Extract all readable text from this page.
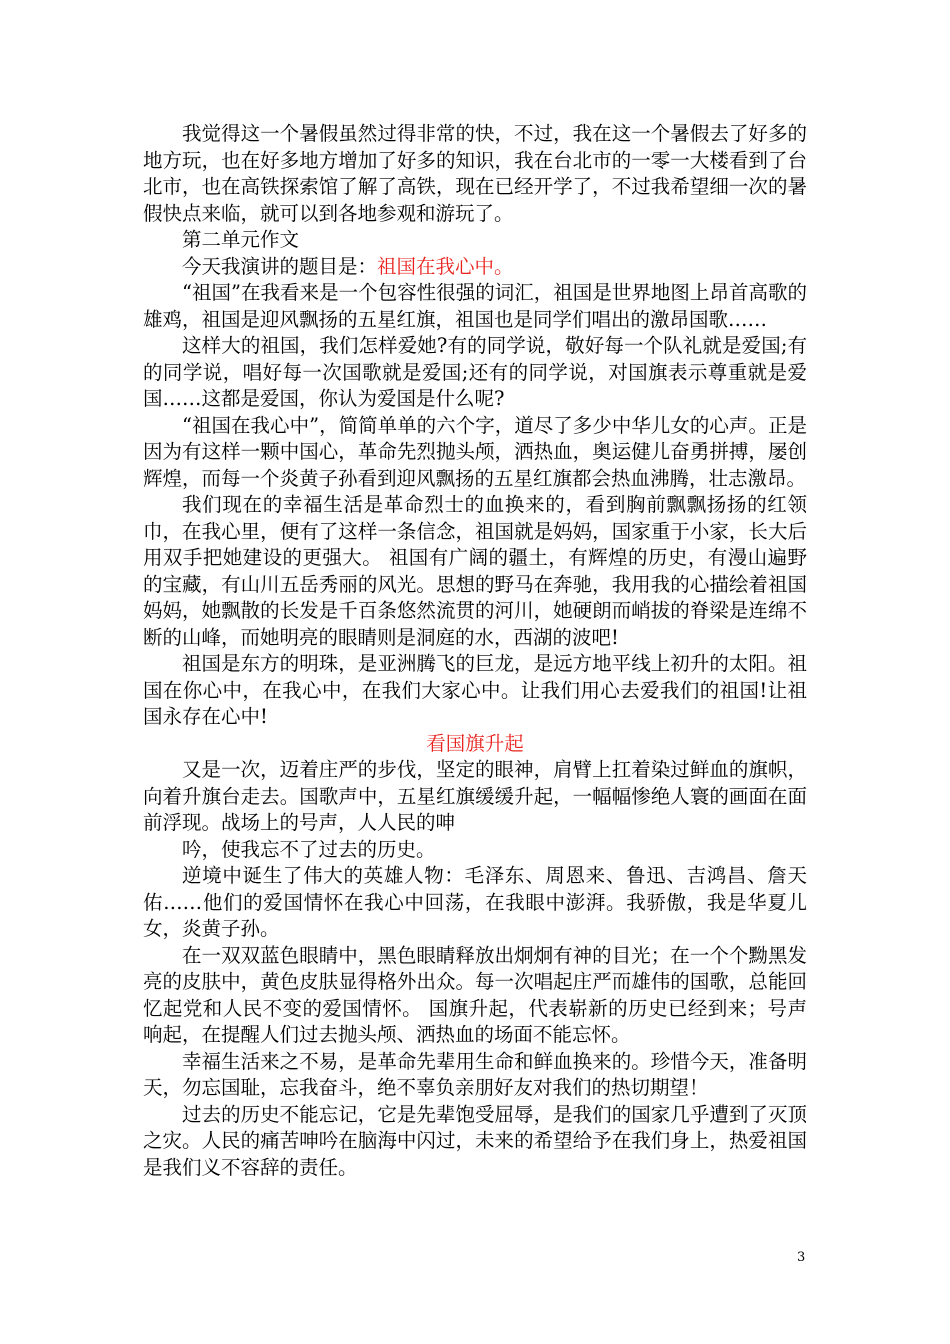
我觉得这一个暑假虽然过得非常的快，不过，我在这一个暑假去了好多的地方玩，也在好多地方增加了好多的知识，我在台北市的一零一大楼看到了台北市，也在高铁探索馆了解了高铁，现在已经开学了，不过我希望细一次的暑假快点来临，就可以到各地参观和游玩了。

第二单元作文

今天我演讲的题目是：祖国在我心中。

“祖国”在我看来是一个包容性很强的词汇，祖国是世界地图上昂首高歌的雄鸡，祖国是迎风飘扬的五星红旗，祖国也是同学们唱出的激昂国歌……

这样大的祖国，我们怎样爱她?有的同学说，敬好每一个队礼就是爱国;有的同学说，唱好每一次国歌就是爱国;还有的同学说，对国旗表示尊重就是爱国……这都是爱国，你认为爱国是什么呢?

“祖国在我心中”，简简单单的六个字，道尽了多少中华儿女的心声。正是因为有这样一颗中国心，革命先烈抛头颅，洒热血，奥运健儿奋勇拼搏，屡创辉煌，而每一个炎黄子孙看到迎风飘扬的五星红旗都会热血沸腾，壮志激昂。

我们现在的幸福生活是革命烈士的血换来的，看到胸前飘飘扬扬的红领巾，在我心里，便有了这样一条信念，祖国就是妈妈，国家重于小家，长大后用双手把她建设的更强大。 祖国有广阔的疆土，有辉煌的历史，有漫山遍野的宝藏，有山川五岳秀丽的风光。思想的野马在奔驰，我用我的心描绘着祖国妈妈，她飘散的长发是千百条悠然流贯的河川，她硬朗而峭拔的脊梁是连绵不断的山峰，而她明亮的眼睛则是洞庭的水，西湖的波吧!

祖国是东方的明珠，是亚洲腾飞的巨龙，是远方地平线上初升的太阳。祖国在你心中，在我心中，在我们大家心中。让我们用心去爱我们的祖国!让祖国永存在心中!

看国旗升起

又是一次，迈着庄严的步伐，坚定的眼神，肩臂上扛着染过鲜血的旗帜，向着升旗台走去。国歌声中，五星红旗缓缓升起，一幅幅惨绝人寰的画面在面前浮现。战场上的号声，人人民的呻

吟，使我忘不了过去的历史。

逆境中诞生了伟大的英雄人物：毛泽东、周恩来、鲁迅、吉鸿昌、詹天佑……他们的爱国情怀在我心中回荡，在我眼中澎湃。我骄傲，我是华夏儿女，炎黄子孙。

在一双双蓝色眼睛中，黑色眼睛释放出炯炯有神的目光；在一个个黝黑发亮的皮肤中，黄色皮肤显得格外出众。每一次唱起庄严而雄伟的国歌，总能回忆起党和人民不变的爱国情怀。 国旗升起，代表崭新的历史已经到来；号声响起，在提醒人们过去抛头颅、洒热血的场面不能忘怀。

幸福生活来之不易，是革命先辈用生命和鲜血换来的。珍惜今天，准备明天，勿忘国耻，忘我奋斗，绝不辜负亲朋好友对我们的热切期望！

过去的历史不能忘记，它是先辈饱受屈辱，是我们的国家几乎遭到了灭顶之灾。人民的痛苦呻吟在脑海中闪过，未来的希望给予在我们身上，热爱祖国是我们义不容辞的责任。

3
